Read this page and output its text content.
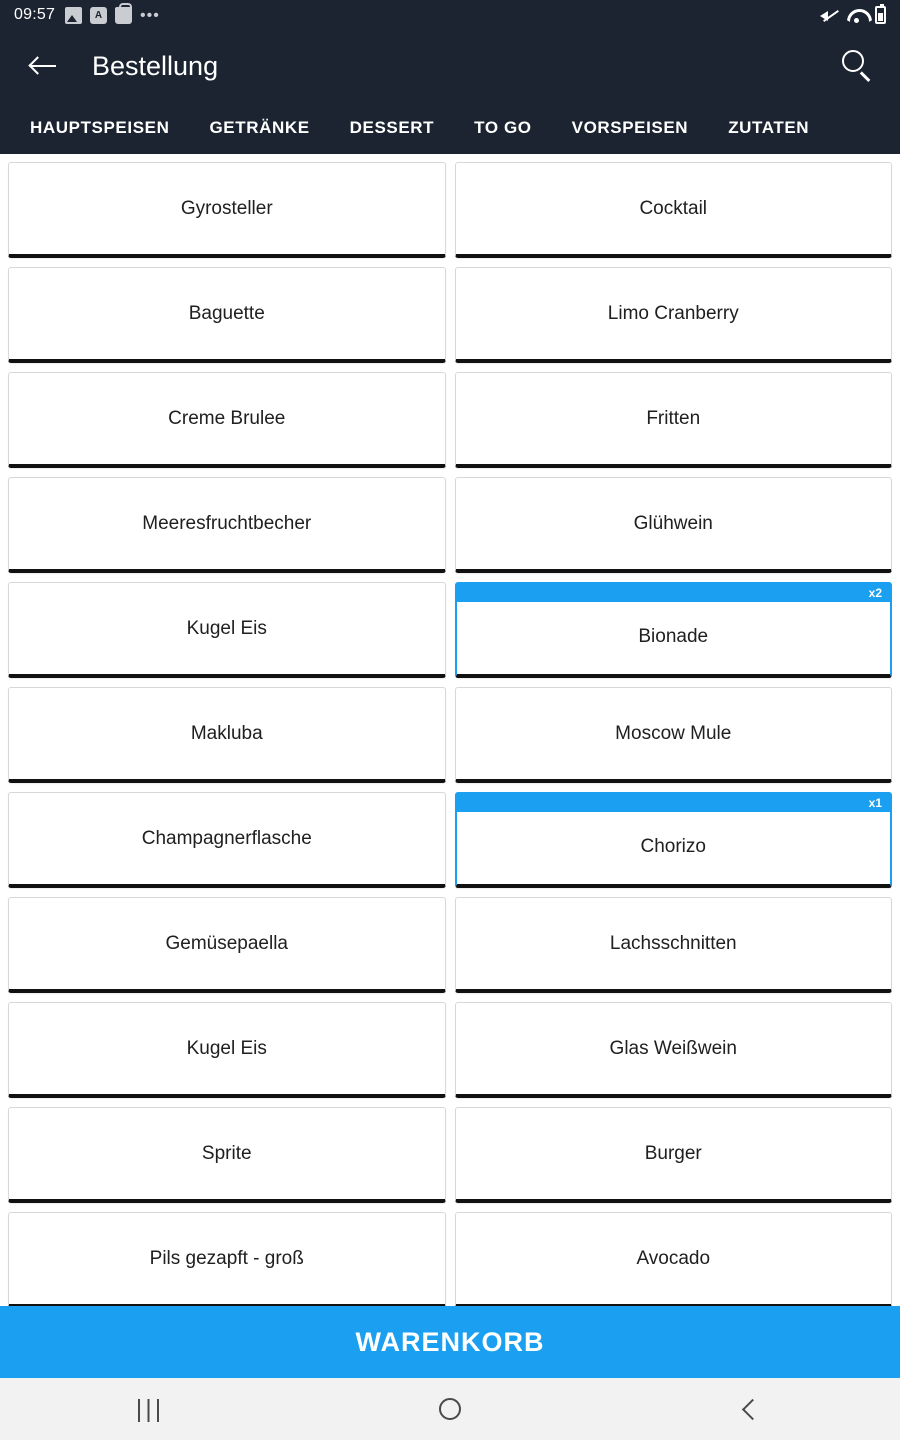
09:57	A	•••
Bestellung
HAUPTSPEISEN	GETRÄNKE	DESSERT	TO GO	VORSPEISEN	ZUTATEN
Gyrosteller	Cocktail
Baguette	Limo Cranberry
Creme Brulee	Fritten
Meeresfruchtbecher	Glühwein
Kugel Eis
x2
Bionade
Makluba	Moscow Mule
Champagnerflasche
x1
Chorizo
Gemüsepaella	Lachsschnitten
Kugel Eis	Glas Weißwein
Sprite	Burger
Pils gezapft - groß	Avocado
WARENKORB
|||
